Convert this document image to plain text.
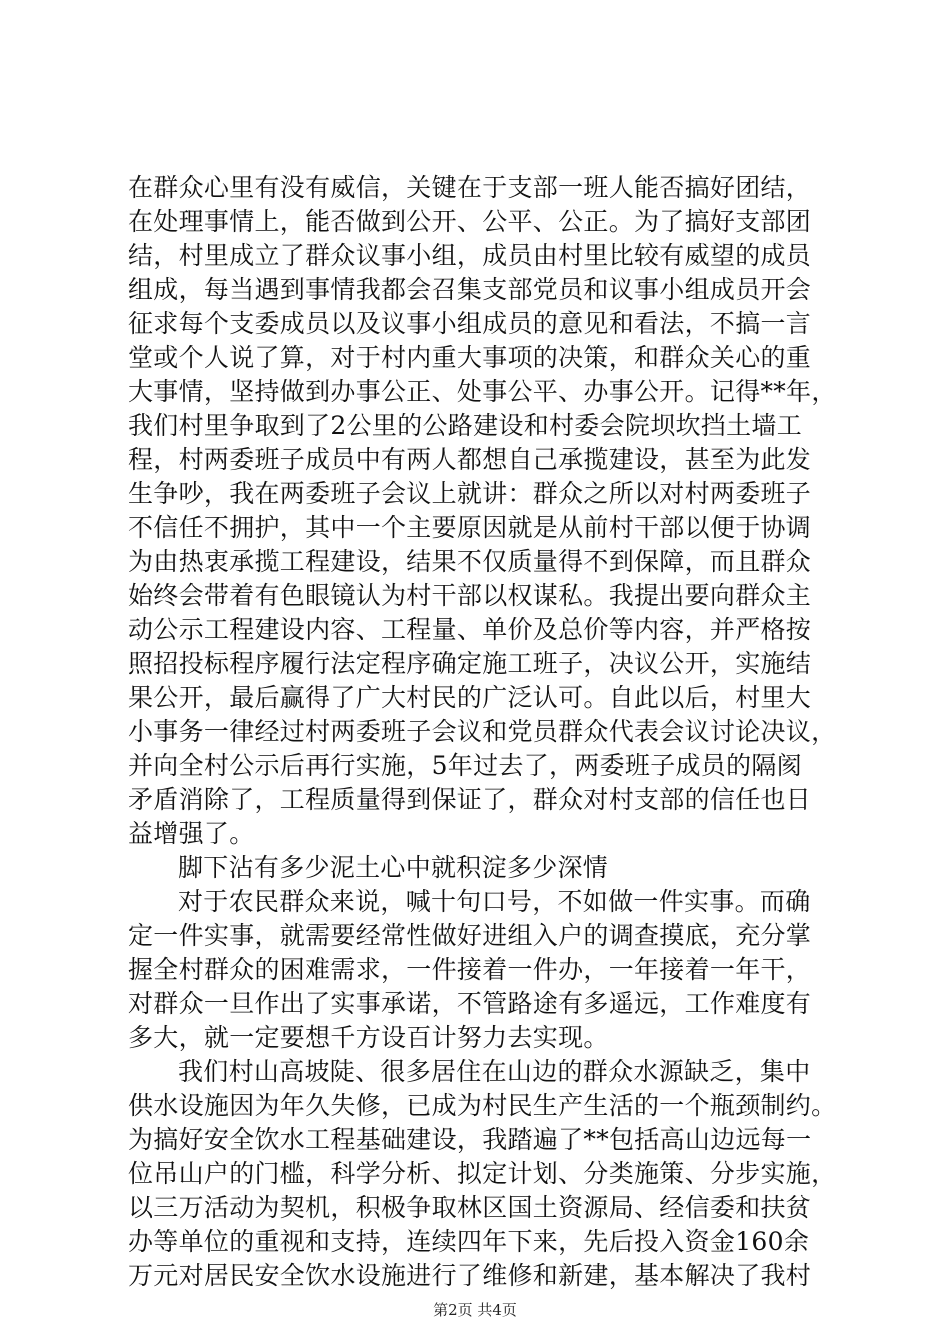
在群众心里有没有威信，关键在于支部一班人能否搞好团结，
在处理事情上，能否做到公开、公平、公正。为了搞好支部团
结，村里成立了群众议事小组，成员由村里比较有威望的成员
组成，每当遇到事情我都会召集支部党员和议事小组成员开会
征求每个支委成员以及议事小组成员的意见和看法，不搞一言
堂或个人说了算，对于村内重大事项的决策，和群众关心的重
大事情，坚持做到办事公正、处事公平、办事公开。记得**年，
我们村里争取到了2公里的公路建设和村委会院坝坎挡土墙工
程，村两委班子成员中有两人都想自己承揽建设，甚至为此发
生争吵，我在两委班子会议上就讲：群众之所以对村两委班子
不信任不拥护，其中一个主要原因就是从前村干部以便于协调
为由热衷承揽工程建设，结果不仅质量得不到保障，而且群众
始终会带着有色眼镜认为村干部以权谋私。我提出要向群众主
动公示工程建设内容、工程量、单价及总价等内容，并严格按
照招投标程序履行法定程序确定施工班子，决议公开，实施结
果公开，最后赢得了广大村民的广泛认可。自此以后，村里大
小事务一律经过村两委班子会议和党员群众代表会议讨论决议，
并向全村公示后再行实施，5年过去了，两委班子成员的隔阂
矛盾消除了，工程质量得到保证了，群众对村支部的信任也日
益增强了。
脚下沾有多少泥土心中就积淀多少深情
对于农民群众来说，喊十句口号，不如做一件实事。而确
定一件实事，就需要经常性做好进组入户的调查摸底，充分掌
握全村群众的困难需求，一件接着一件办，一年接着一年干，
对群众一旦作出了实事承诺，不管路途有多遥远，工作难度有
多大，就一定要想千方设百计努力去实现。
我们村山高坡陡、很多居住在山边的群众水源缺乏，集中
供水设施因为年久失修，已成为村民生产生活的一个瓶颈制约。
为搞好安全饮水工程基础建设，我踏遍了**包括高山边远每一
位吊山户的门槛，科学分析、拟定计划、分类施策、分步实施，
以三万活动为契机，积极争取林区国土资源局、经信委和扶贫
办等单位的重视和支持，连续四年下来，先后投入资金160余
万元对居民安全饮水设施进行了维修和新建，基本解决了我村
第2页 共4页
